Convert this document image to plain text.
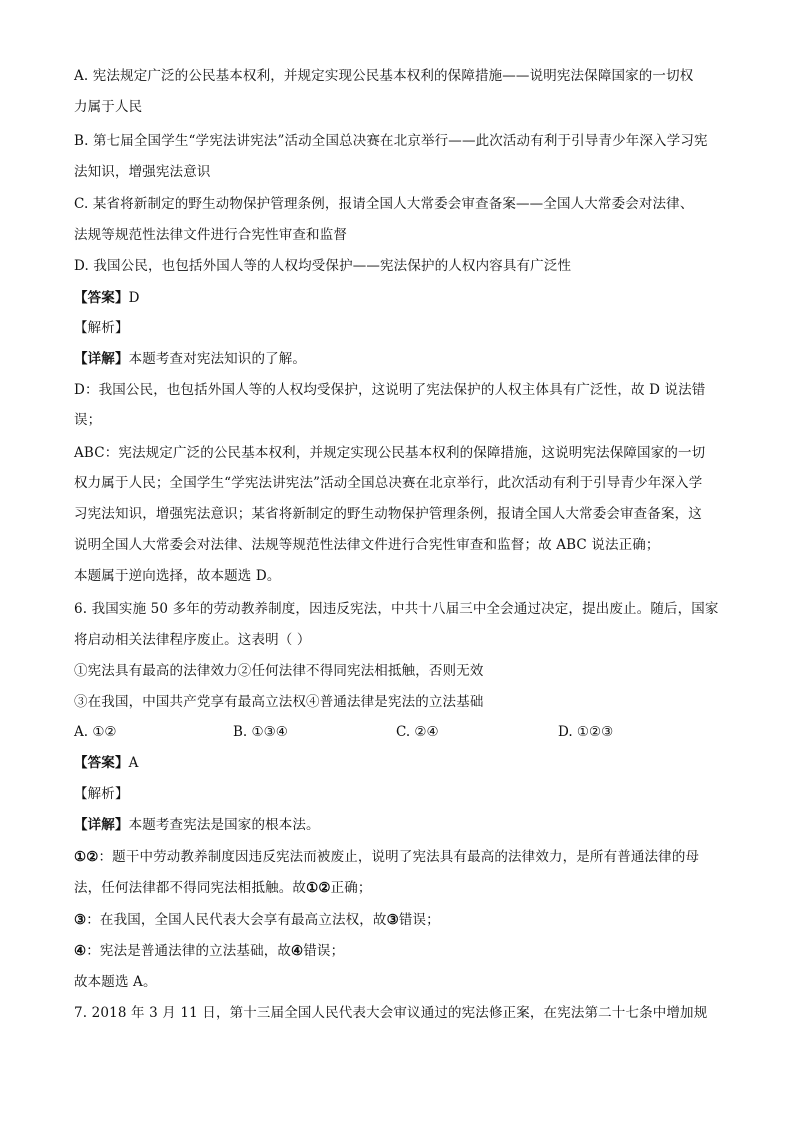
A. 宪法规定广泛的公民基本权利，并规定实现公民基本权利的保障措施——说明宪法保障国家的一切权
力属于人民
B. 第七届全国学生“学宪法讲宪法”活动全国总决赛在北京举行——此次活动有利于引导青少年深入学习宪
法知识，增强宪法意识
C. 某省将新制定的野生动物保护管理条例，报请全国人大常委会审查备案——全国人大常委会对法律、
法规等规范性法律文件进行合宪性审查和监督
D. 我国公民，也包括外国人等的人权均受保护——宪法保护的人权内容具有广泛性
【答案】D
【解析】
【详解】本题考查对宪法知识的了解。
D：我国公民，也包括外国人等的人权均受保护，这说明了宪法保护的人权主体具有广泛性，故 D 说法错
误；
ABC：宪法规定广泛的公民基本权利，并规定实现公民基本权利的保障措施，这说明宪法保障国家的一切
权力属于人民；全国学生“学宪法讲宪法”活动全国总决赛在北京举行，此次活动有利于引导青少年深入学
习宪法知识，增强宪法意识；某省将新制定的野生动物保护管理条例，报请全国人大常委会审查备案，这
说明全国人大常委会对法律、法规等规范性法律文件进行合宪性审查和监督；故 ABC 说法正确；
本题属于逆向选择，故本题选 D。
6. 我国实施 50 多年的劳动教养制度，因违反宪法，中共十八届三中全会通过决定，提出废止。随后，国家
将启动相关法律程序废止。这表明（ ）
①宪法具有最高的法律效力②任何法律不得同宪法相抵触，否则无效
③在我国，中国共产党享有最高立法权④普通法律是宪法的立法基础
A. ①②	B. ①③④	C. ②④	D. ①②③
【答案】A
【解析】
【详解】本题考查宪法是国家的根本法。
①②：题干中劳动教养制度因违反宪法而被废止，说明了宪法具有最高的法律效力，是所有普通法律的母
法，任何法律都不得同宪法相抵触。故①②正确；
③：在我国，全国人民代表大会享有最高立法权，故③错误；
④：宪法是普通法律的立法基础，故④错误；
故本题选 A。
7. 2018 年 3 月 11 日，第十三届全国人民代表大会审议通过的宪法修正案，在宪法第二十七条中增加规
